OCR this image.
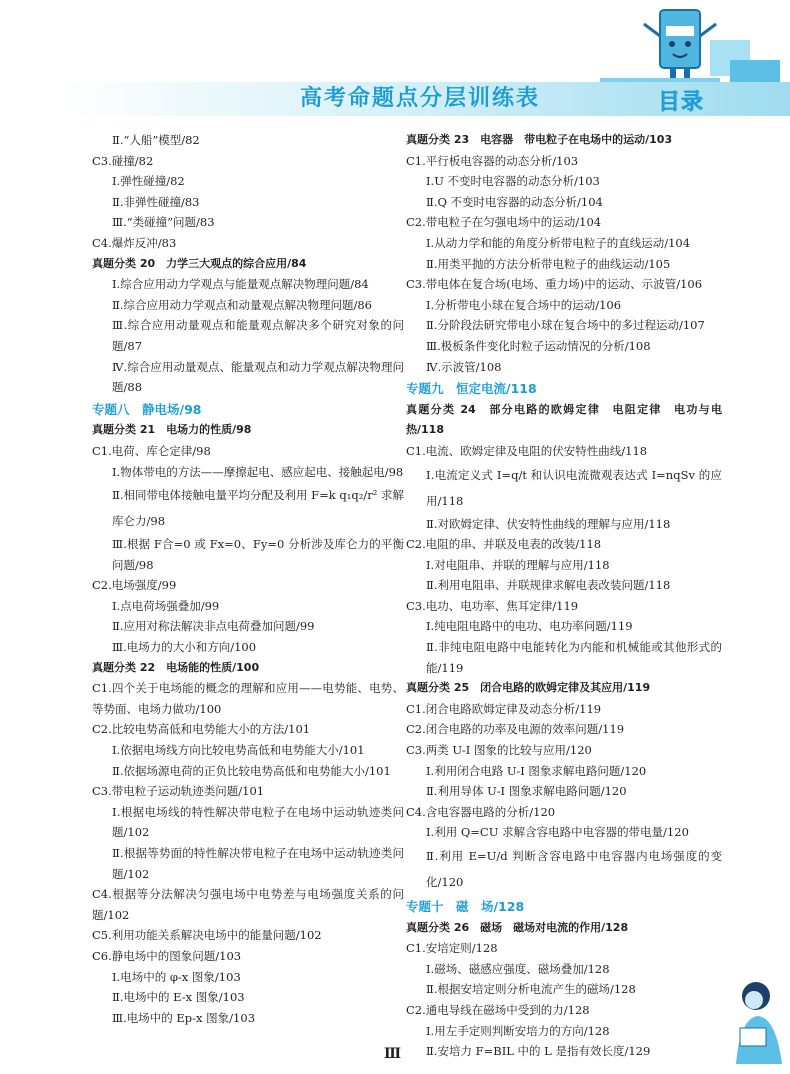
高考命题点分层训练表	目录
Ⅱ.“人船”模型/82
C3.碰撞/82
Ⅰ.弹性碰撞/82
Ⅱ.非弹性碰撞/83
Ⅲ.“类碰撞”问题/83
C4.爆炸反冲/83
真题分类 20　力学三大观点的综合应用/84
Ⅰ.综合应用动力学观点与能量观点解决物理问题/84
Ⅱ.综合应用动力学观点和动量观点解决物理问题/86
Ⅲ.综合应用动量观点和能量观点解决多个研究对象的问题/87
Ⅳ.综合应用动量观点、能量观点和动力学观点解决物理问题/88
专题八　静电场/98
真题分类 21　电场力的性质/98
C1.电荷、库仑定律/98
Ⅰ.物体带电的方法——摩擦起电、感应起电、接触起电/98
Ⅱ.相同带电体接触电量平均分配及利用 F=k q₁q₂/r² 求解库仑力/98
Ⅲ.根据 F合=0 或 Fx=0、Fy=0 分析涉及库仑力的平衡问题/98
C2.电场强度/99
Ⅰ.点电荷场强叠加/99
Ⅱ.应用对称法解决非点电荷叠加问题/99
Ⅲ.电场力的大小和方向/100
真题分类 22　电场能的性质/100
C1.四个关于电场能的概念的理解和应用——电势能、电势、等势面、电场力做功/100
C2.比较电势高低和电势能大小的方法/101
Ⅰ.依据电场线方向比较电势高低和电势能大小/101
Ⅱ.依据场源电荷的正负比较电势高低和电势能大小/101
C3.带电粒子运动轨迹类问题/101
Ⅰ.根据电场线的特性解决带电粒子在电场中运动轨迹类问题/102
Ⅱ.根据等势面的特性解决带电粒子在电场中运动轨迹类问题/102
C4.根据等分法解决匀强电场中电势差与电场强度关系的问题/102
C5.利用功能关系解决电场中的能量问题/102
C6.静电场中的图象问题/103
Ⅰ.电场中的 φ-x 图象/103
Ⅱ.电场中的 E-x 图象/103
Ⅲ.电场中的 Ep-x 图象/103
真题分类 23　电容器　带电粒子在电场中的运动/103
C1.平行板电容器的动态分析/103
Ⅰ.U 不变时电容器的动态分析/103
Ⅱ.Q 不变时电容器的动态分析/104
C2.带电粒子在匀强电场中的运动/104
Ⅰ.从动力学和能的角度分析带电粒子的直线运动/104
Ⅱ.用类平抛的方法分析带电粒子的曲线运动/105
C3.带电体在复合场(电场、重力场)中的运动、示波管/106
Ⅰ.分析带电小球在复合场中的运动/106
Ⅱ.分阶段法研究带电小球在复合场中的多过程运动/107
Ⅲ.极板条件变化时粒子运动情况的分析/108
Ⅳ.示波管/108
专题九　恒定电流/118
真题分类 24　部分电路的欧姆定律　电阻定律　电功与电热/118
C1.电流、欧姆定律及电阻的伏安特性曲线/118
Ⅰ.电流定义式 I=q/t 和认识电流微观表达式 I=nqSv 的应用/118
Ⅱ.对欧姆定律、伏安特性曲线的理解与应用/118
C2.电阻的串、并联及电表的改装/118
Ⅰ.对电阻串、并联的理解与应用/118
Ⅱ.利用电阻串、并联规律求解电表改装问题/118
C3.电功、电功率、焦耳定律/119
Ⅰ.纯电阻电路中的电功、电功率问题/119
Ⅱ.非纯电阻电路中电能转化为内能和机械能或其他形式的能/119
真题分类 25　闭合电路的欧姆定律及其应用/119
C1.闭合电路欧姆定律及动态分析/119
C2.闭合电路的功率及电源的效率问题/119
C3.两类 U-I 图象的比较与应用/120
Ⅰ.利用闭合电路 U-I 图象求解电路问题/120
Ⅱ.利用导体 U-I 图象求解电路问题/120
C4.含电容器电路的分析/120
Ⅰ.利用 Q=CU 求解含容电路中电容器的带电量/120
Ⅱ.利用 E=U/d 判断含容电路中电容器内电场强度的变化/120
专题十　磁　场/128
真题分类 26　磁场　磁场对电流的作用/128
C1.安培定则/128
Ⅰ.磁场、磁感应强度、磁场叠加/128
Ⅱ.根据安培定则分析电流产生的磁场/128
C2.通电导线在磁场中受到的力/128
Ⅰ.用左手定则判断安培力的方向/128
Ⅱ.安培力 F=BIL 中的 L 是指有效长度/129
Ⅲ
